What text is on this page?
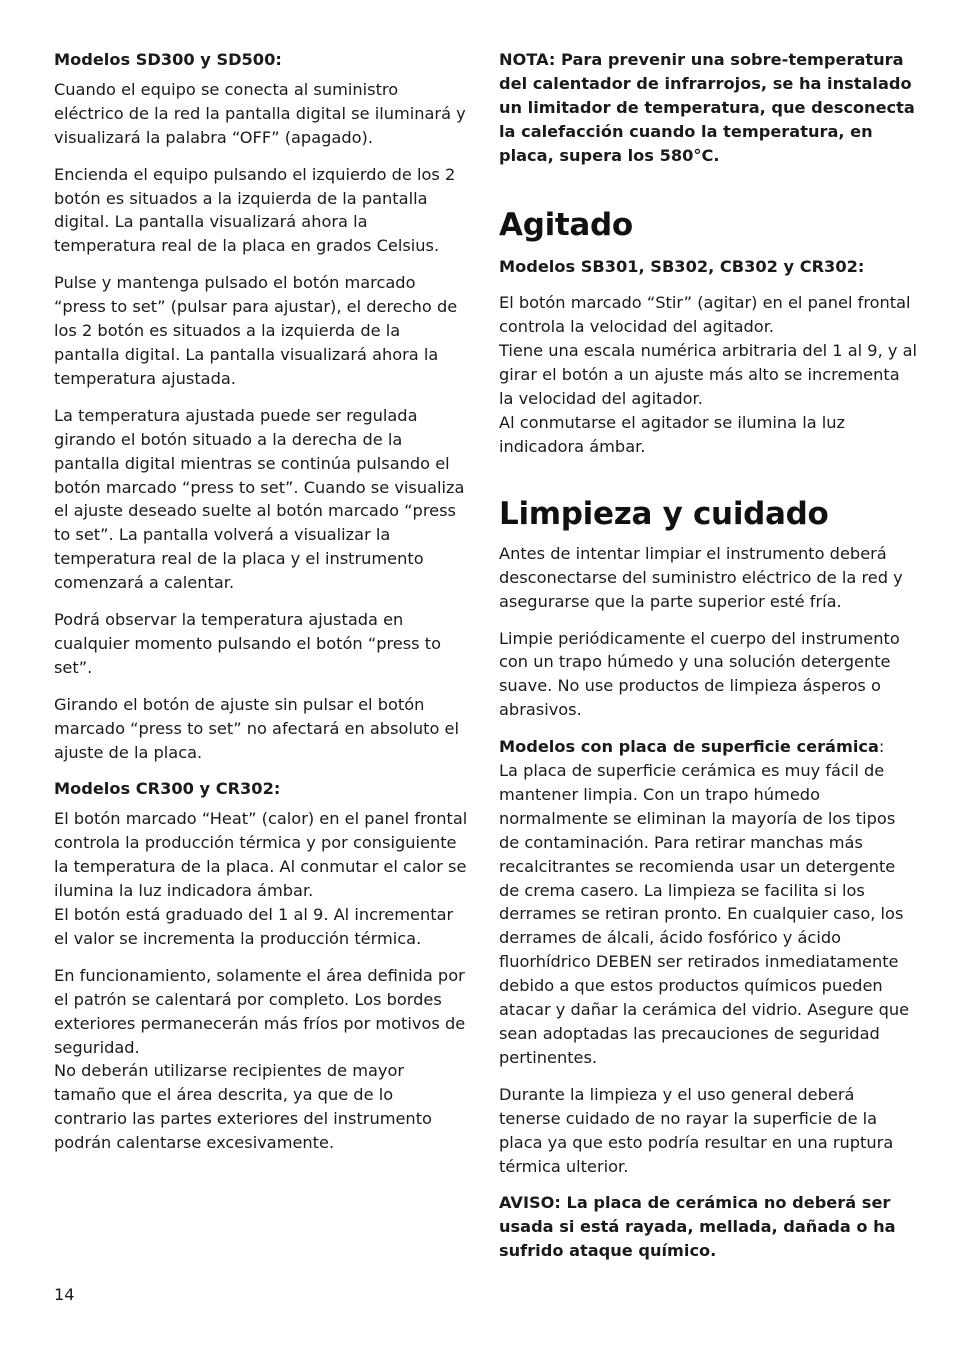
Modelos SD300 y SD500:

Cuando el equipo se conecta al suministro eléctrico de la red la pantalla digital se iluminará y visualizará la palabra “OFF” (apagado).

Encienda el equipo pulsando el izquierdo de los 2 botón es situados a la izquierda de la pantalla digital. La pantalla visualizará ahora la temperatura real de la placa en grados Celsius.

Pulse y mantenga pulsado el botón marcado “press to set” (pulsar para ajustar), el derecho de los 2 botón es situados a la izquierda de la pantalla digital. La pantalla visualizará ahora la temperatura ajustada.

La temperatura ajustada puede ser regulada girando el botón situado a la derecha de la pantalla digital mientras se continúa pulsando el botón marcado “press to set”. Cuando se visualiza el ajuste deseado suelte al botón marcado “press to set”. La pantalla volverá a visualizar la temperatura real de la placa y el instrumento comenzará a calentar.

Podrá observar la temperatura ajustada en cualquier momento pulsando el botón “press to set”.

Girando el botón de ajuste sin pulsar el botón marcado “press to set” no afectará en absoluto el ajuste de la placa.

Modelos CR300 y CR302:

El botón marcado “Heat” (calor) en el panel frontal controla la producción térmica y por consiguiente la temperatura de la placa. Al conmutar el calor se ilumina la luz indicadora ámbar.
El botón está graduado del 1 al 9. Al incrementar el valor se incrementa la producción térmica.

En funcionamiento, solamente el área definida por el patrón se calentará por completo. Los bordes exteriores permanecerán más fríos por motivos de seguridad.
No deberán utilizarse recipientes de mayor tamaño que el área descrita, ya que de lo contrario las partes exteriores del instrumento podrán calentarse excesivamente.

NOTA: Para prevenir una sobre-temperatura del calentador de infrarrojos, se ha instalado un limitador de temperatura, que desconecta la calefacción cuando la temperatura, en placa, supera los 580°C.

Agitado

Modelos SB301, SB302, CB302 y CR302:

El botón marcado “Stir” (agitar) en el panel frontal controla la velocidad del agitador.
Tiene una escala numérica arbitraria del 1 al 9, y al girar el botón a un ajuste más alto se incrementa la velocidad del agitador.
Al conmutarse el agitador se ilumina la luz indicadora ámbar.

Limpieza y cuidado

Antes de intentar limpiar el instrumento deberá desconectarse del suministro eléctrico de la red y asegurarse que la parte superior esté fría.

Limpie periódicamente el cuerpo del instrumento con un trapo húmedo y una solución detergente suave. No use productos de limpieza ásperos o abrasivos.

Modelos con placa de superficie cerámica:
La placa de superficie cerámica es muy fácil de mantener limpia. Con un trapo húmedo normalmente se eliminan la mayoría de los tipos de contaminación. Para retirar manchas más recalcitrantes se recomienda usar un detergente de crema casero. La limpieza se facilita si los derrames se retiran pronto. En cualquier caso, los derrames de álcali, ácido fosfórico y ácido fluorhídrico DEBEN ser retirados inmediatamente debido a que estos productos químicos pueden atacar y dañar la cerámica del vidrio. Asegure que sean adoptadas las precauciones de seguridad pertinentes.

Durante la limpieza y el uso general deberá tenerse cuidado de no rayar la superficie de la placa ya que esto podría resultar en una ruptura térmica ulterior.

AVISO: La placa de cerámica no deberá ser usada si está rayada, mellada, dañada o ha sufrido ataque químico.

14
